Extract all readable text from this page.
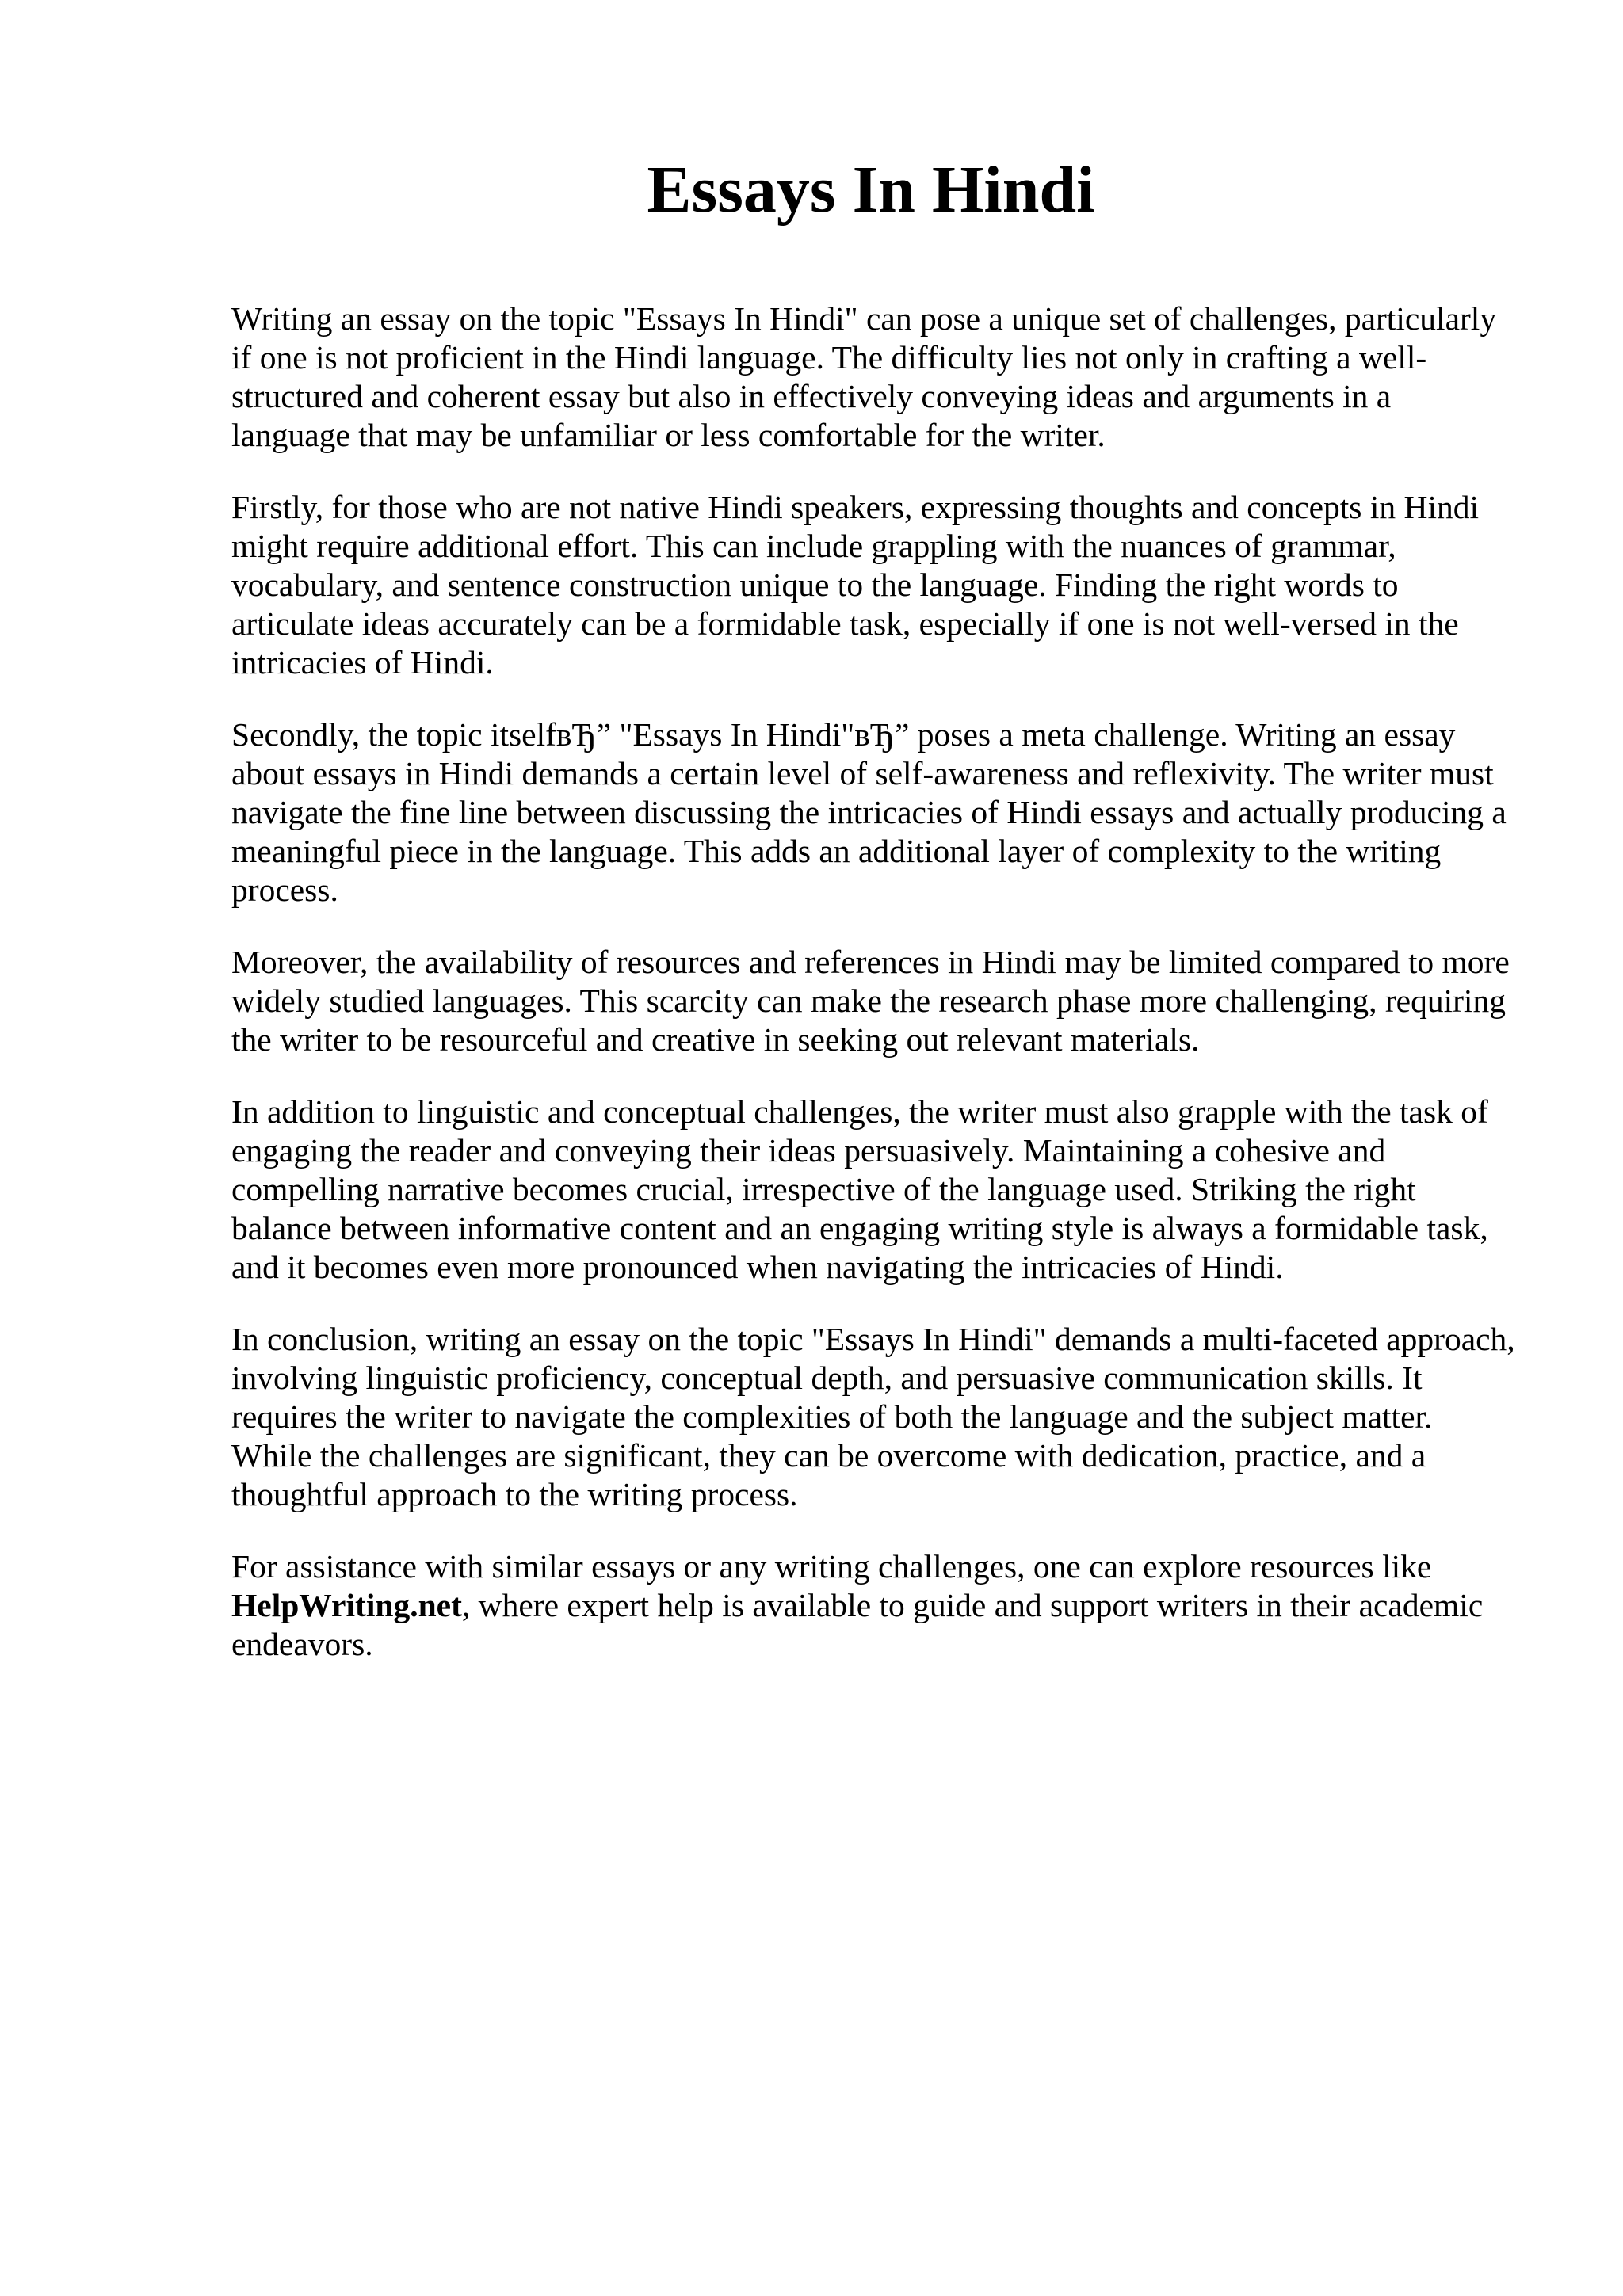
Essays In Hindi

Writing an essay on the topic "Essays In Hindi" can pose a unique set of challenges, particularly if one is not proficient in the Hindi language. The difficulty lies not only in crafting a well-structured and coherent essay but also in effectively conveying ideas and arguments in a language that may be unfamiliar or less comfortable for the writer.

Firstly, for those who are not native Hindi speakers, expressing thoughts and concepts in Hindi might require additional effort. This can include grappling with the nuances of grammar, vocabulary, and sentence construction unique to the language. Finding the right words to articulate ideas accurately can be a formidable task, especially if one is not well-versed in the intricacies of Hindi.

Secondly, the topic itselfвЂ” "Essays In Hindi"вЂ” poses a meta challenge. Writing an essay about essays in Hindi demands a certain level of self-awareness and reflexivity. The writer must navigate the fine line between discussing the intricacies of Hindi essays and actually producing a meaningful piece in the language. This adds an additional layer of complexity to the writing process.

Moreover, the availability of resources and references in Hindi may be limited compared to more widely studied languages. This scarcity can make the research phase more challenging, requiring the writer to be resourceful and creative in seeking out relevant materials.

In addition to linguistic and conceptual challenges, the writer must also grapple with the task of engaging the reader and conveying their ideas persuasively. Maintaining a cohesive and compelling narrative becomes crucial, irrespective of the language used. Striking the right balance between informative content and an engaging writing style is always a formidable task, and it becomes even more pronounced when navigating the intricacies of Hindi.

In conclusion, writing an essay on the topic "Essays In Hindi" demands a multi-faceted approach, involving linguistic proficiency, conceptual depth, and persuasive communication skills. It requires the writer to navigate the complexities of both the language and the subject matter. While the challenges are significant, they can be overcome with dedication, practice, and a thoughtful approach to the writing process.

For assistance with similar essays or any writing challenges, one can explore resources like HelpWriting.net, where expert help is available to guide and support writers in their academic endeavors.
